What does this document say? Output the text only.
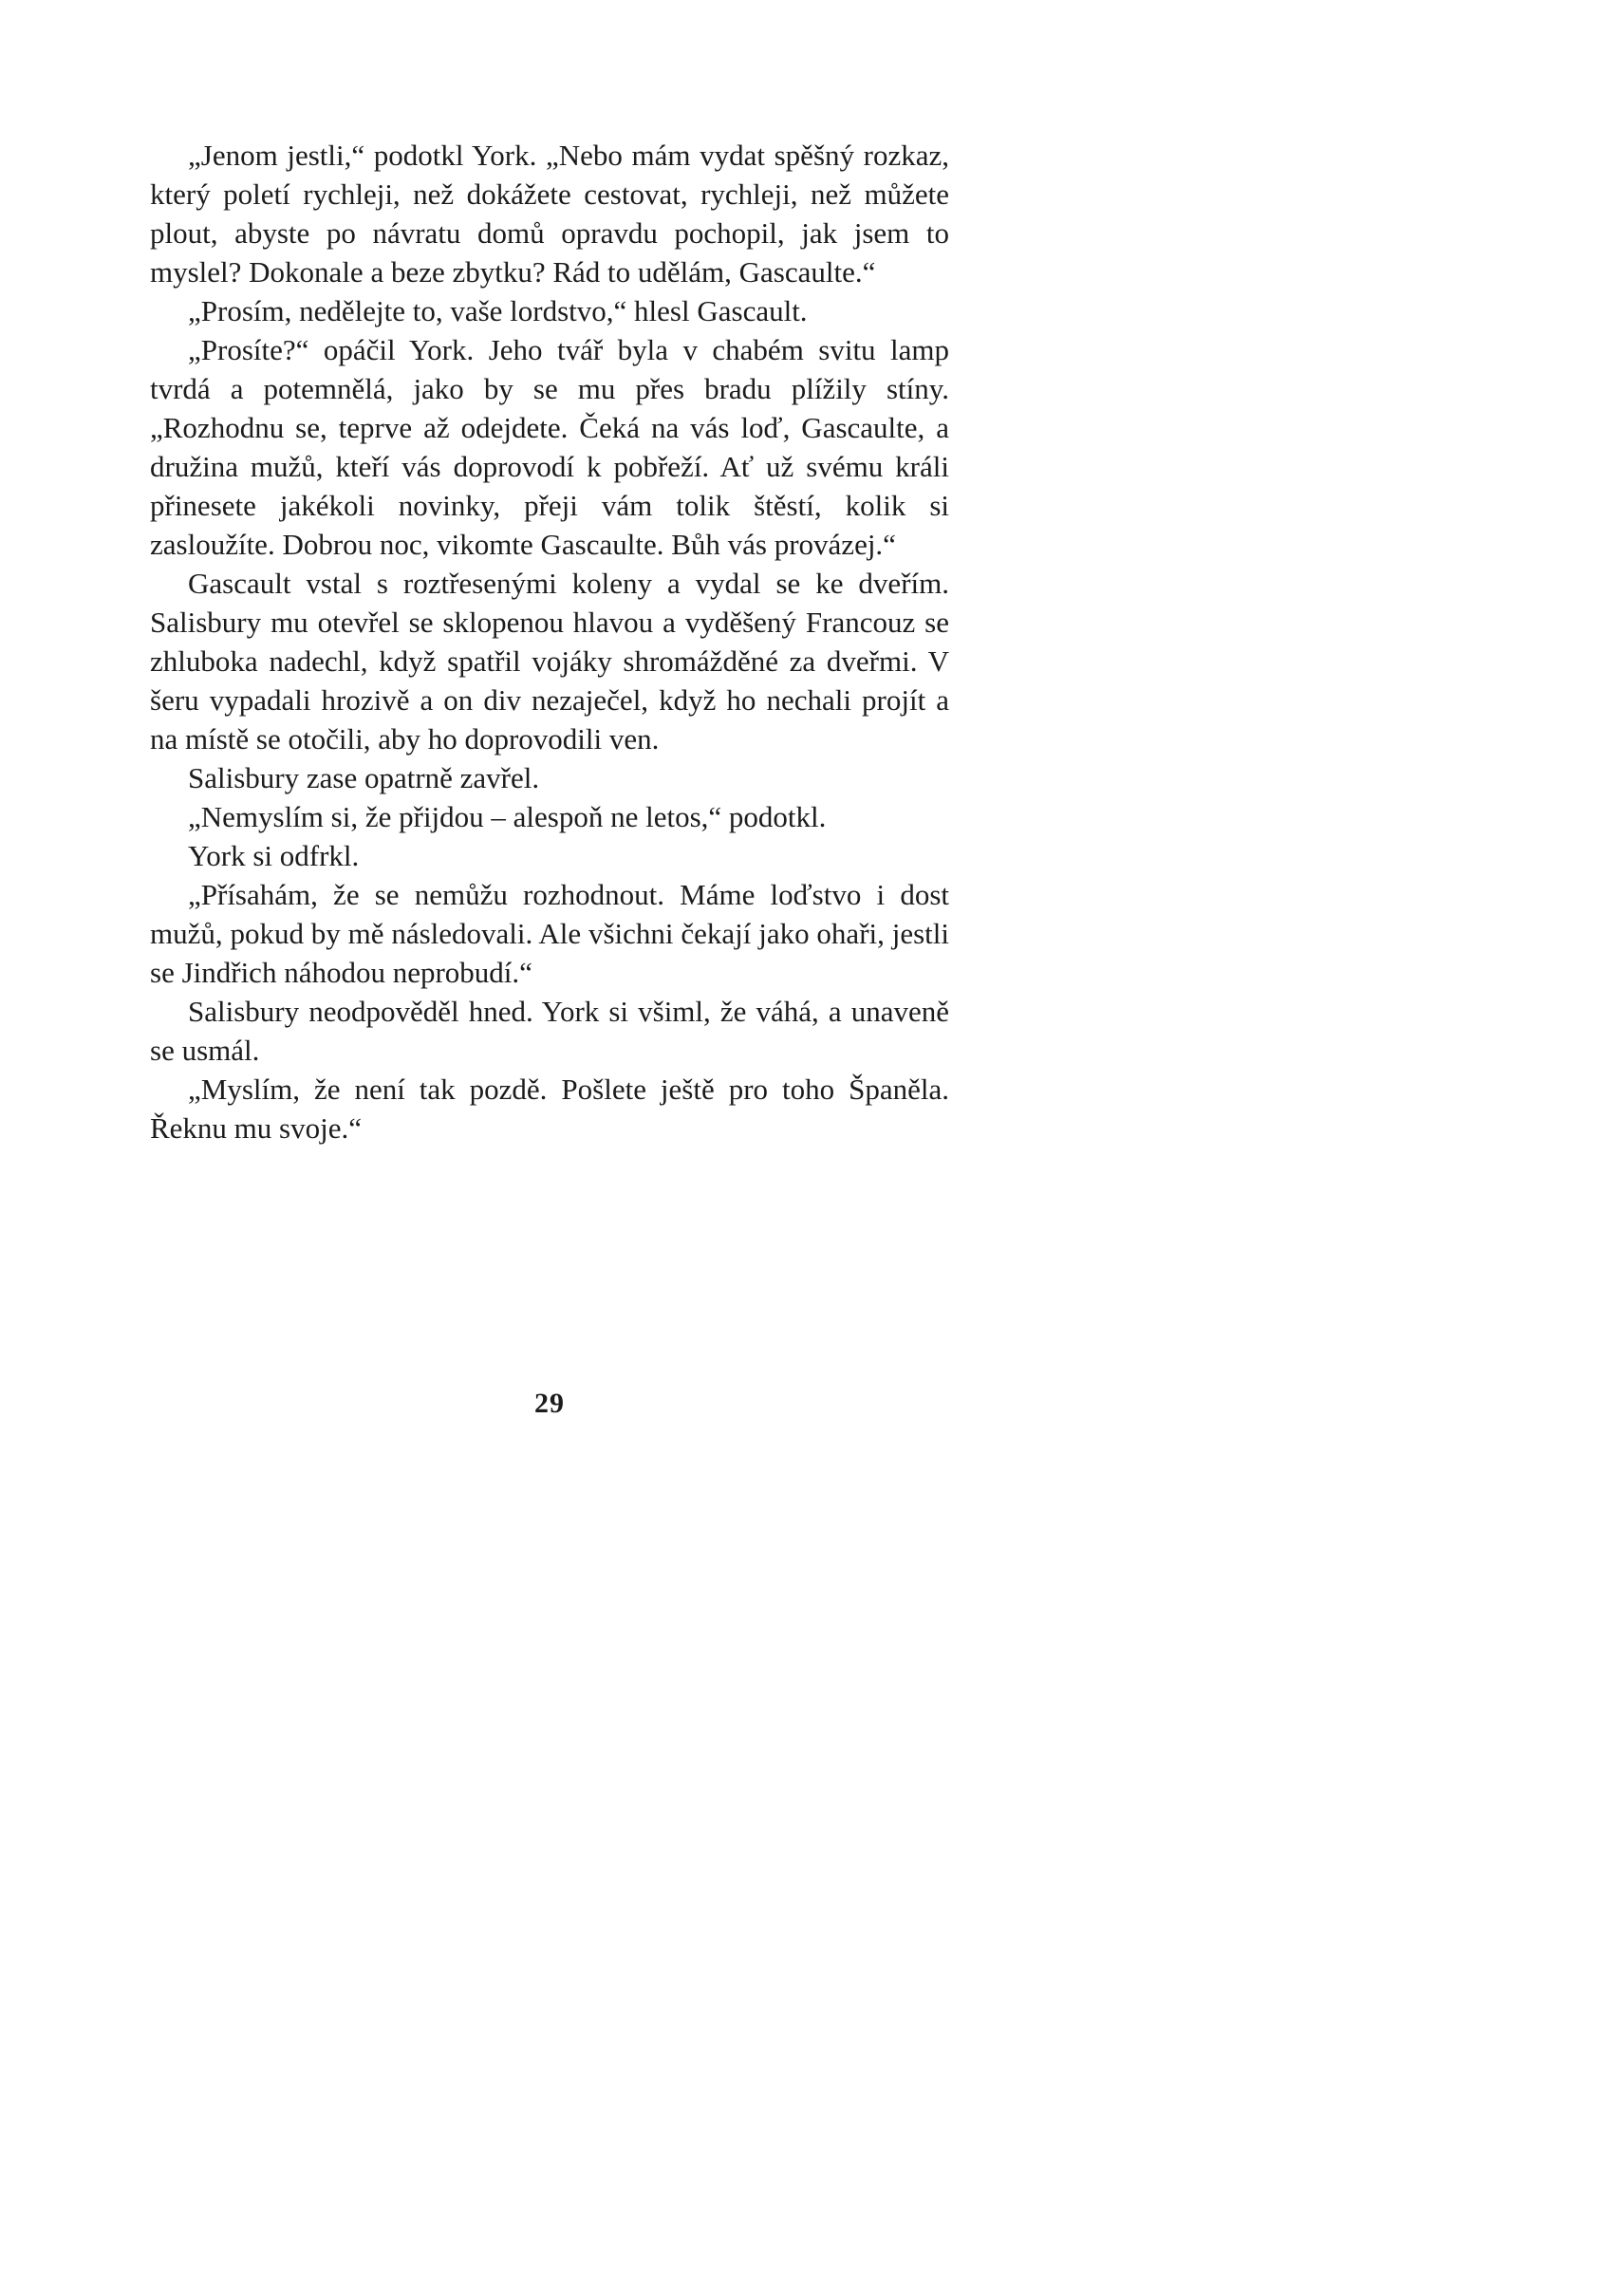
„Jenom jestli,“ podotkl York. „Nebo mám vydat spěšný rozkaz, který poletí rychleji, než dokážete cestovat, rychleji, než můžete plout, abyste po návratu domů opravdu pochopil, jak jsem to myslel? Dokonale a beze zbytku? Rád to udělám, Gascaulte.“

„Prosím, nedělejte to, vaše lordstvo,“ hlesl Gascault.

„Prosíte?“ opáčil York. Jeho tvář byla v chabém svitu lamp tvrdá a potemnělá, jako by se mu přes bradu plížily stíny. „Rozhodnu se, teprve až odejdete. Čeká na vás loď, Gascaulte, a družina mužů, kteří vás doprovodí k pobřeží. Ať už svému králi přinesete jakékoli novinky, přeji vám tolik štěstí, kolik si zasloužíte. Dobrou noc, vikomte Gascaulte. Bůh vás provázej.“

Gascault vstal s roztřesenými koleny a vydal se ke dveřím. Salisbury mu otevřel se sklopenou hlavou a vyděšený Francouz se zhluboka nadechl, když spatřil vojáky shromážděné za dveřmi. V šeru vypadali hrozivě a on div nezaječel, když ho nechali projít a na místě se otočili, aby ho doprovodili ven.

Salisbury zase opatrně zavřel.

„Nemyslím si, že přijdou – alespoň ne letos,“ podotkl.

York si odfrkl.

„Přísahám, že se nemůžu rozhodnout. Máme loďstvo i dost mužů, pokud by mě následovali. Ale všichni čekají jako ohaři, jestli se Jindřich náhodou neprobudí.“

Salisbury neodpověděl hned. York si všiml, že váhá, a unaveně se usmál.

„Myslím, že není tak pozdě. Pošlete ještě pro toho Španěla. Řeknu mu svoje.“

29
